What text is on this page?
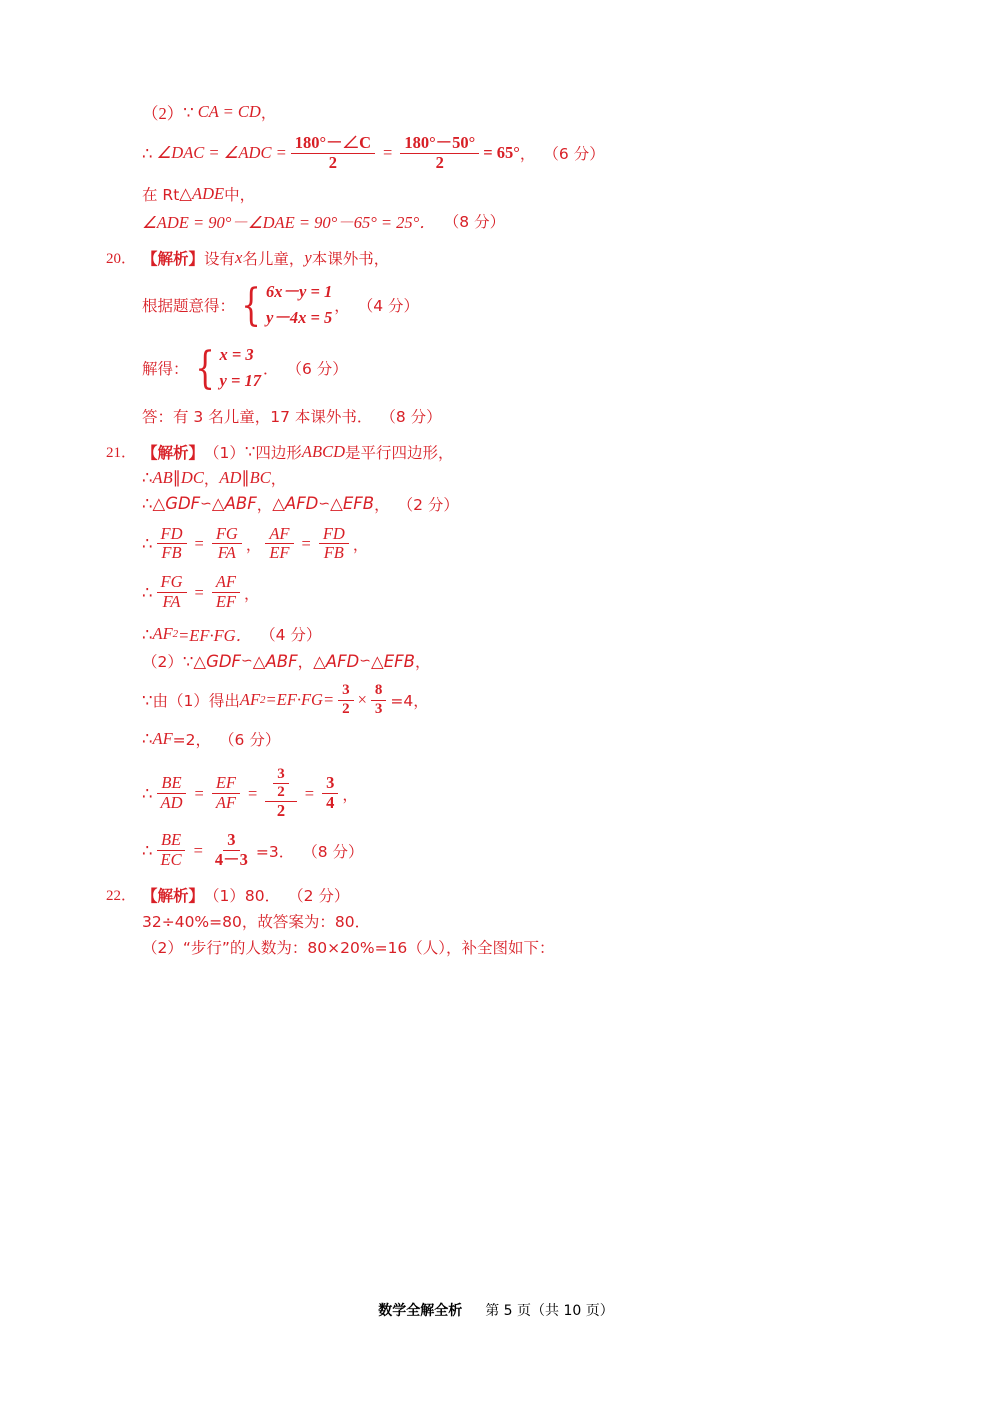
（2） ∵ CA = CD ，
∴ ∠DAC = ∠ADC = $\frac{180^\circ-\angle C}{2} = \frac{180^\circ-50^\circ}{2} = 65^\circ$ ， （6 分）
在 Rt △ ADE 中，
∠ADE = 90°－∠DAE = 90°－65° = 25°． （8 分）
20． 【解析】 设有 x 名儿童， y 本课外书，
根据题意得： { 6x－y = 1
y－4x = 5
， （4 分）
解得： { x = 3
y = 17
． （6 分）
答：有 3 名儿童，17 本课外书． （8 分）
21． 【解析】 （1） ∵ 四边形 ABCD 是平行四边形，
∴ AB ∥ DC ， AD ∥ BC ，
∴ △GDF ∽ △ABF ， △AFD ∽ △EFB ， （2 分）
∴ $\frac{FD}{FB} = \frac{FG}{FA}$ ， $\frac{AF}{EF} = \frac{FD}{FB}$ ，
∴ $\frac{FG}{FA} = \frac{AF}{EF}$ ，
∴ AF 2 =EF·FG． （4 分）
（2） ∵ △GDF ∽ △ABF ， △AFD ∽ △EFB ，
∵ 由（1）得出 AF $2 =EF\cdot FG= \frac{3}{2} \times \frac{8}{3} =4$，
∴ AF =2， （6 分）
∴ $\frac{BE}{AD} = \frac{EF}{AF} = \frac{\frac{3}{2}}{2} = \frac{3}{4}$ ，
∴ $\frac{BE}{EC} = \frac{3}{4-3} =3$． （8 分）
22． 【解析】 （1） 80． （2 分）
32÷40%=80，故答案为：80．
（2）“步行”的人数为：80×20%=16（人），补全图如下：
数学全解全析 第 5 页（共 10 页）
